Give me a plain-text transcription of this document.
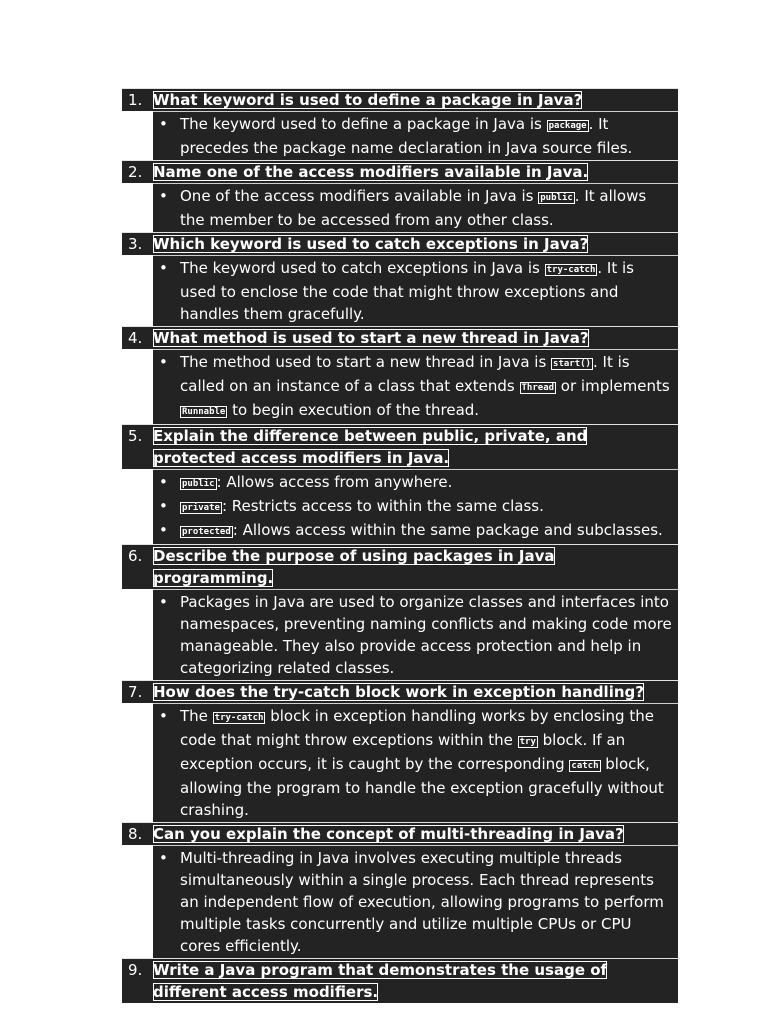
1. What keyword is used to define a package in Java?
• The keyword used to define a package in Java is package . It precedes the package name declaration in Java source files.
2. Name one of the access modifiers available in Java.
• One of the access modifiers available in Java is public . It allows the member to be accessed from any other class.
3. Which keyword is used to catch exceptions in Java?
• The keyword used to catch exceptions in Java is try-catch . It is used to enclose the code that might throw exceptions and handles them gracefully.
4. What method is used to start a new thread in Java?
• The method used to start a new thread in Java is start() . It is called on an instance of a class that extends Thread or implements Runnable to begin execution of the thread.
5. Explain the difference between public, private, and protected access modifiers in Java.
• public : Allows access from anywhere.
• private : Restricts access to within the same class.
• protected : Allows access within the same package and subclasses.
6. Describe the purpose of using packages in Java programming.
• Packages in Java are used to organize classes and interfaces into namespaces, preventing naming conflicts and making code more manageable. They also provide access protection and help in categorizing related classes.
7. How does the try-catch block work in exception handling?
• The try-catch block in exception handling works by enclosing the code that might throw exceptions within the try block. If an exception occurs, it is caught by the corresponding catch block, allowing the program to handle the exception gracefully without crashing.
8. Can you explain the concept of multi-threading in Java?
• Multi-threading in Java involves executing multiple threads simultaneously within a single process. Each thread represents an independent flow of execution, allowing programs to perform multiple tasks concurrently and utilize multiple CPUs or CPU cores efficiently.
9. Write a Java program that demonstrates the usage of different access modifiers.
